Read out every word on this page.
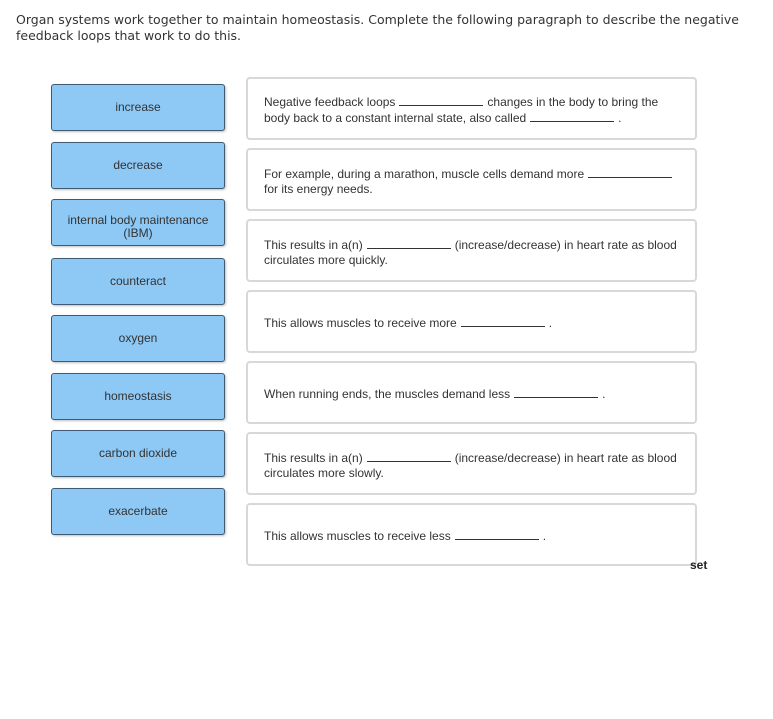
Organ systems work together to maintain homeostasis. Complete the following paragraph to describe the negative feedback loops that work to do this.
increase
decrease
internal body maintenance (IBM)
counteract
oxygen
homeostasis
carbon dioxide
exacerbate
Negative feedback loops	changes in the body to bring the body back to a constant internal state, also called	.
For example, during a marathon, muscle cells demand morefor its energy needs.
This results in a(n)	(increase/decrease) in heart rate as blood circulates more quickly.
This allows muscles to receive more	.
When running ends, the muscles demand less	.
This results in a(n)	(increase/decrease) in heart rate as blood circulates more slowly.
This allows muscles to receive less	.
set
